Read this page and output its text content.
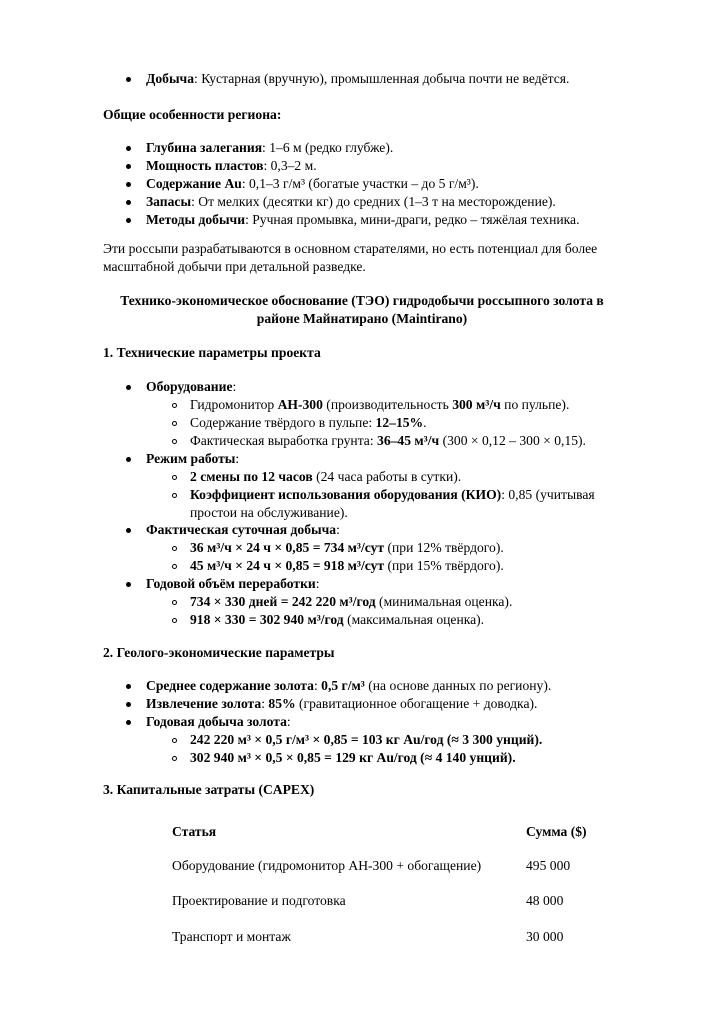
Добыча: Кустарная (вручную), промышленная добыча почти не ведётся.
Общие особенности региона:
Глубина залегания: 1–6 м (редко глубже).
Мощность пластов: 0,3–2 м.
Содержание Au: 0,1–3 г/м³ (богатые участки – до 5 г/м³).
Запасы: От мелких (десятки кг) до средних (1–3 т на месторождение).
Методы добычи: Ручная промывка, мини-драги, редко – тяжёлая техника.
Эти россыпи разрабатываются в основном старателями, но есть потенциал для более
масштабной добычи при детальной разведке.
Технико-экономическое обоснование (ТЭО) гидродобычи россыпного золота в
районе Майнатирано (Maintirano)
1. Технические параметры проекта
Оборудование:
Гидромонитор АН-300 (производительность 300 м³/ч по пульпе).
Содержание твёрдого в пульпе: 12–15%.
Фактическая выработка грунта: 36–45 м³/ч (300 × 0,12 – 300 × 0,15).
Режим работы:
2 смены по 12 часов (24 часа работы в сутки).
Коэффициент использования оборудования (КИО): 0,85 (учитывая
простои на обслуживание).
Фактическая суточная добыча:
36 м³/ч × 24 ч × 0,85 = 734 м³/сут (при 12% твёрдого).
45 м³/ч × 24 ч × 0,85 = 918 м³/сут (при 15% твёрдого).
Годовой объём переработки:
734 × 330 дней = 242 220 м³/год (минимальная оценка).
918 × 330 = 302 940 м³/год (максимальная оценка).
2. Геолого-экономические параметры
Среднее содержание золота: 0,5 г/м³ (на основе данных по региону).
Извлечение золота: 85% (гравитационное обогащение + доводка).
Годовая добыча золота:
242 220 м³ × 0,5 г/м³ × 0,85 = 103 кг Au/год (≈ 3 300 унций).
302 940 м³ × 0,5 × 0,85 = 129 кг Au/год (≈ 4 140 унций).
3. Капитальные затраты (CAPEX)
Статья	Сумма ($)
Оборудование (гидромонитор АН-300 + обогащение)	495 000
Проектирование и подготовка	48 000
Транспорт и монтаж	30 000
